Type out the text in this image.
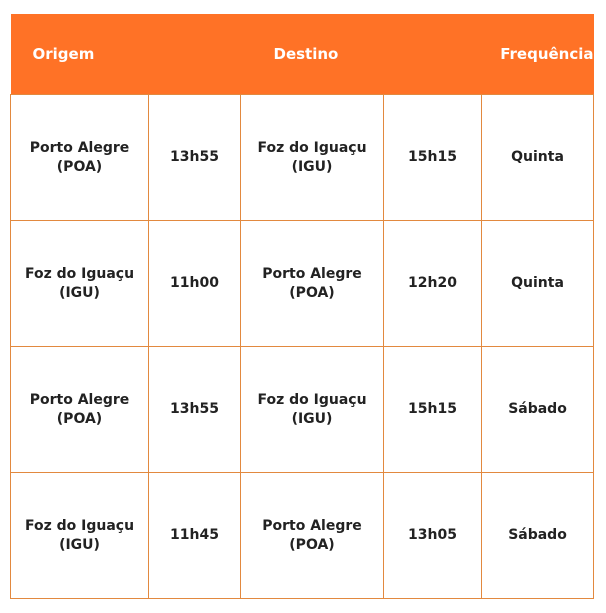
Origem		Destino		Frequência

Porto Alegre
(POA)	13h55	Foz do Iguaçu
(IGU)	15h15	Quinta

Foz do Iguaçu
(IGU)	11h00	Porto Alegre
(POA)	12h20	Quinta

Porto Alegre
(POA)	13h55	Foz do Iguaçu
(IGU)	15h15	Sábado

Foz do Iguaçu
(IGU)	11h45	Porto Alegre
(POA)	13h05	Sábado
